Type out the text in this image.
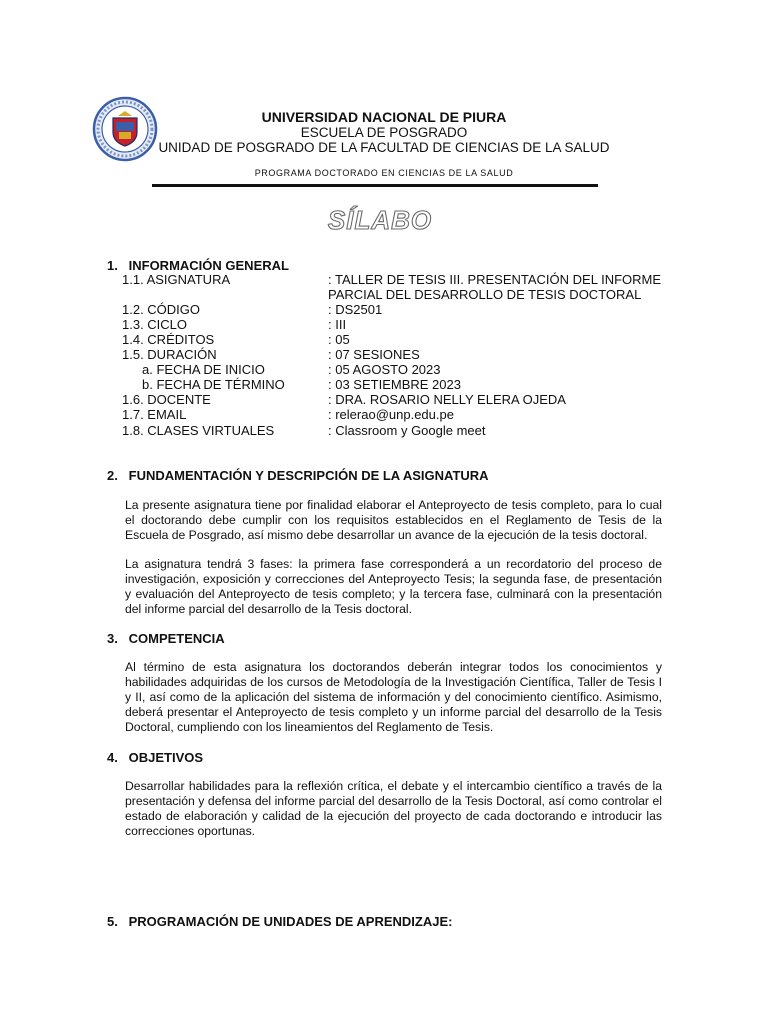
UNIVERSIDAD NACIONAL DE PIURA
ESCUELA DE POSGRADO
UNIDAD DE POSGRADO DE LA FACULTAD DE CIENCIAS DE LA SALUD
PROGRAMA DOCTORADO EN CIENCIAS DE LA SALUD
SÍLABO
1. INFORMACIÓN GENERAL
1.1. ASIGNATURA	: TALLER DE TESIS III. PRESENTACIÓN DEL INFORME
PARCIAL DEL DESARROLLO DE TESIS DOCTORAL
1.2. CÓDIGO	: DS2501
1.3. CICLO	: III
1.4. CRÉDITOS	: 05
1.5. DURACIÓN	: 07 SESIONES
a. FECHA DE INICIO	: 05 AGOSTO 2023
b. FECHA DE TÉRMINO	: 03 SETIEMBRE 2023
1.6. DOCENTE	: DRA. ROSARIO NELLY ELERA OJEDA
1.7. EMAIL	: relerao@unp.edu.pe
1.8. CLASES VIRTUALES	: Classroom y Google meet
2. FUNDAMENTACIÓN Y DESCRIPCIÓN DE LA ASIGNATURA

La presente asignatura tiene por finalidad elaborar el Anteproyecto de tesis completo, para lo cual el doctorando debe cumplir con los requisitos establecidos en el Reglamento de Tesis de la Escuela de Posgrado, así mismo debe desarrollar un avance de la ejecución de la tesis doctoral.

La asignatura tendrá 3 fases: la primera fase corresponderá a un recordatorio del proceso de investigación, exposición y correcciones del Anteproyecto Tesis; la segunda fase, de presentación y evaluación del Anteproyecto de tesis completo; y la tercera fase, culminará con la presentación del informe parcial del desarrollo de la Tesis doctoral.

3. COMPETENCIA

Al término de esta asignatura los doctorandos deberán integrar todos los conocimientos y habilidades adquiridas de los cursos de Metodología de la Investigación Científica, Taller de Tesis I y II, así como de la aplicación del sistema de información y del conocimiento científico. Asimismo, deberá presentar el Anteproyecto de tesis completo y un informe parcial del desarrollo de la Tesis Doctoral, cumpliendo con los lineamientos del Reglamento de Tesis.

4. OBJETIVOS

Desarrollar habilidades para la reflexión crítica, el debate y el intercambio científico a través de la presentación y defensa del informe parcial del desarrollo de la Tesis Doctoral, así como controlar el estado de elaboración y calidad de la ejecución del proyecto de cada doctorando e introducir las correcciones oportunas.

5. PROGRAMACIÓN DE UNIDADES DE APRENDIZAJE:
